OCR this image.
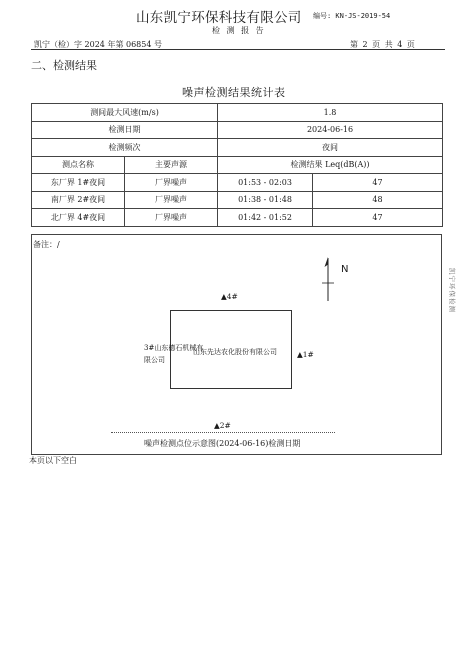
山东凯宁环保科技有限公司 编号: KN-JS-2019-54
检 测 报 告
凯宁（检）字 2024 年第 06854 号	第 2 页 共 4 页
二、检测结果
噪声检测结果统计表
测间最大风速(m/s)		1.8	
检测日期		2024-06-16	
检测频次		夜间	
测点名称	主要声源	检测结果 Leq(dB(A))	
东厂界 1#夜间	厂界噪声	01:53 - 02:03	47
南厂界 2#夜间	厂界噪声	01:38 - 01:48	48
北厂界 4#夜间	厂界噪声	01:42 - 01:52	47
备注：/
N
山东先达农化股份有限公司
3#山东德石机械有限公司
▲4#
▲1#
▲2#
噪声检测点位示意图(2024-06-16)检测日期
本页以下空白
凯宁环保检测
